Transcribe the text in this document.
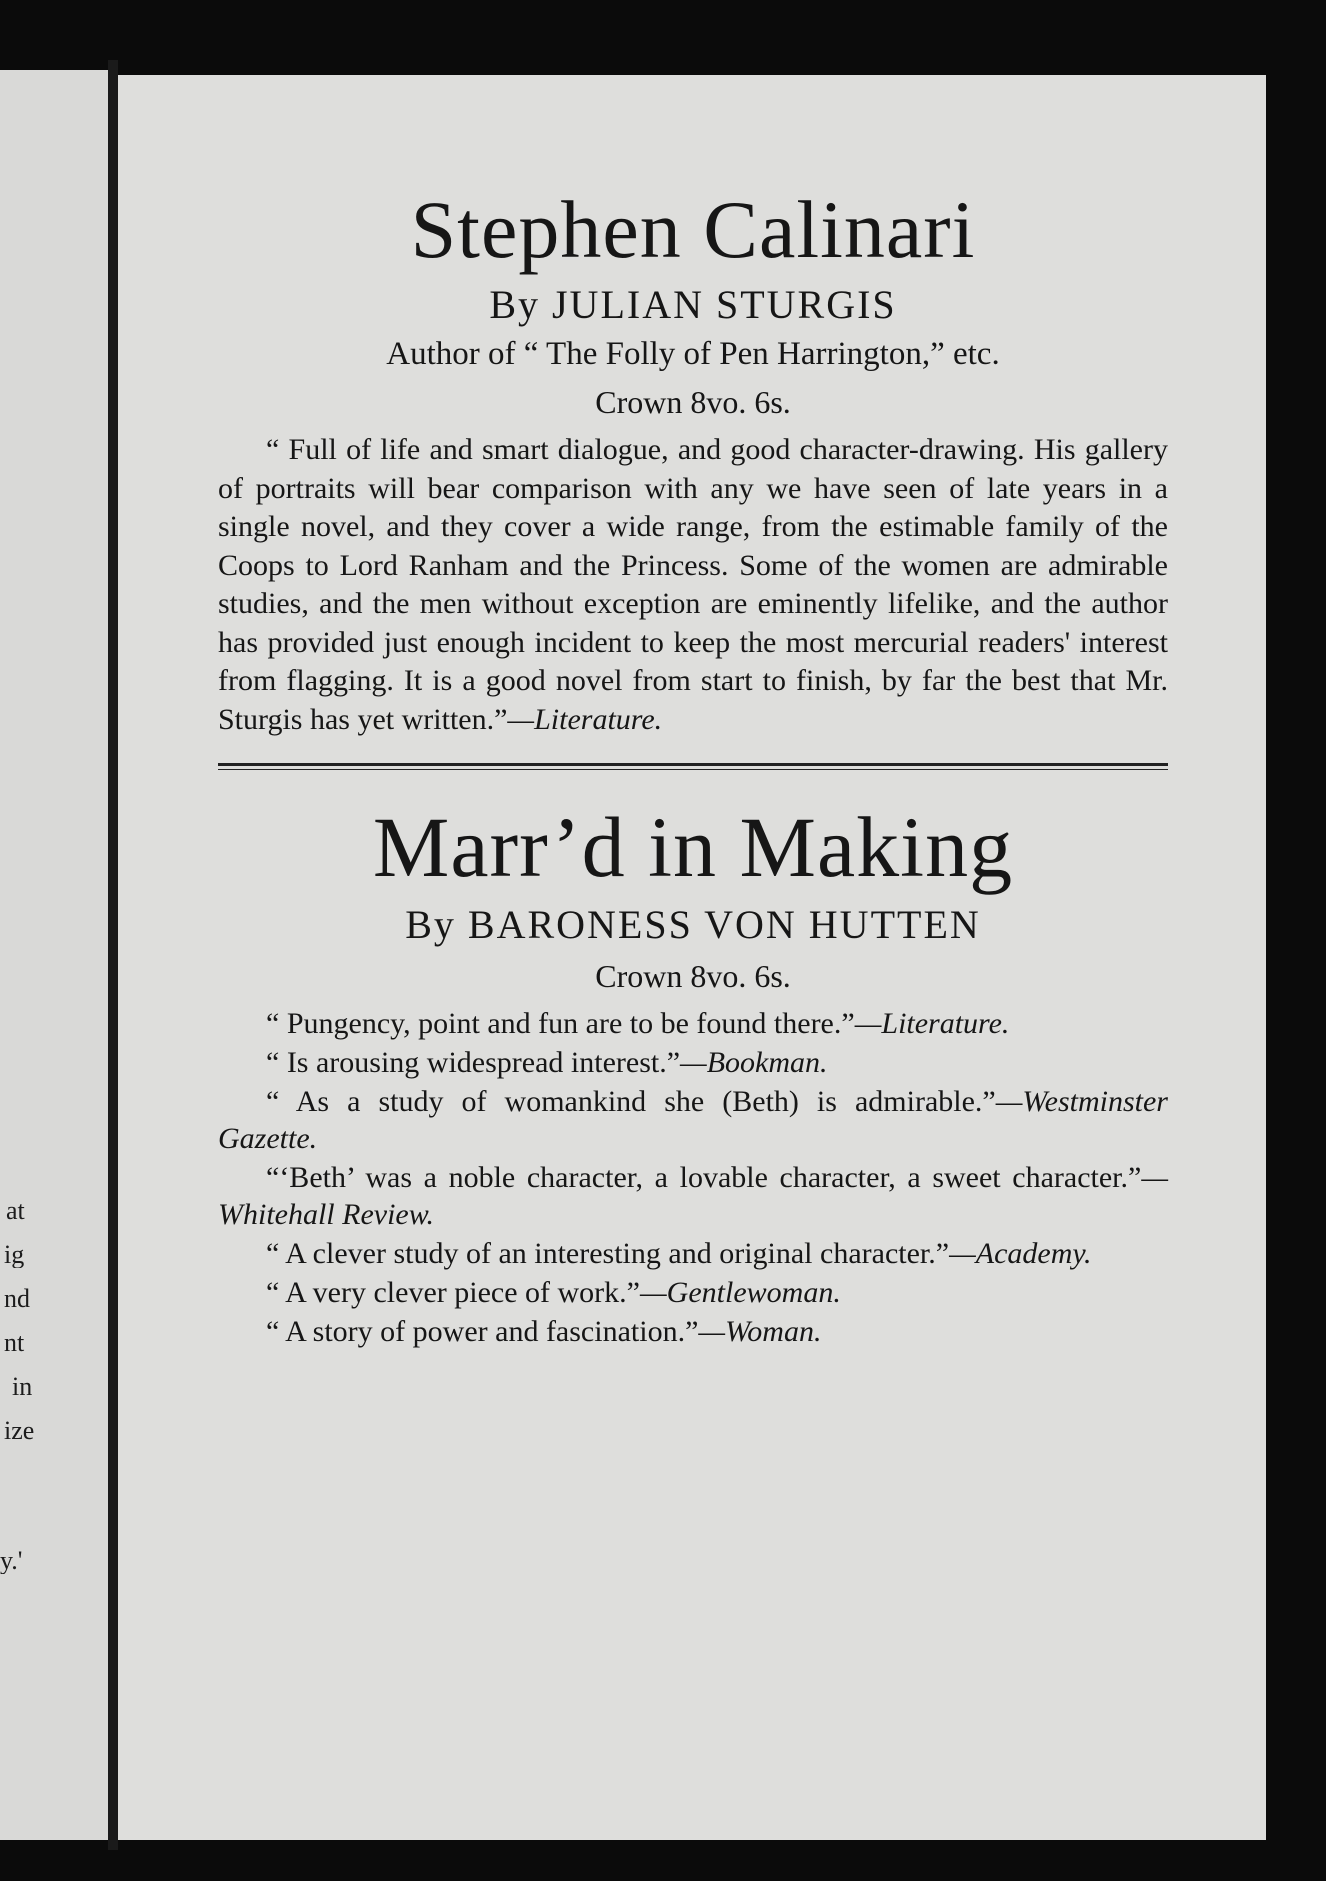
at
ig
nd
nt
in
ize
y.'
Stephen Calinari

By JULIAN STURGIS

Author of “ The Folly of Pen Harrington,” etc.

Crown 8vo. 6s.

“ Full of life and smart dialogue, and good character-drawing. His gallery of portraits will bear comparison with any we have seen of late years in a single novel, and they cover a wide range, from the estimable family of the Coops to Lord Ranham and the Princess. Some of the women are admirable studies, and the men without exception are eminently lifelike, and the author has provided just enough incident to keep the most mercurial readers' interest from flagging. It is a good novel from start to finish, by far the best that Mr. Sturgis has yet written.”—Literature.

Marr’d in Making

By BARONESS VON HUTTEN

Crown 8vo. 6s.

“ Pungency, point and fun are to be found there.”—Literature.

“ Is arousing widespread interest.”—Bookman.

“ As a study of womankind she (Beth) is admirable.”—Westminster Gazette.

“‘Beth’ was a noble character, a lovable character, a sweet character.”—Whitehall Review.

“ A clever study of an interesting and original character.”—Academy.

“ A very clever piece of work.”—Gentlewoman.

“ A story of power and fascination.”—Woman.
